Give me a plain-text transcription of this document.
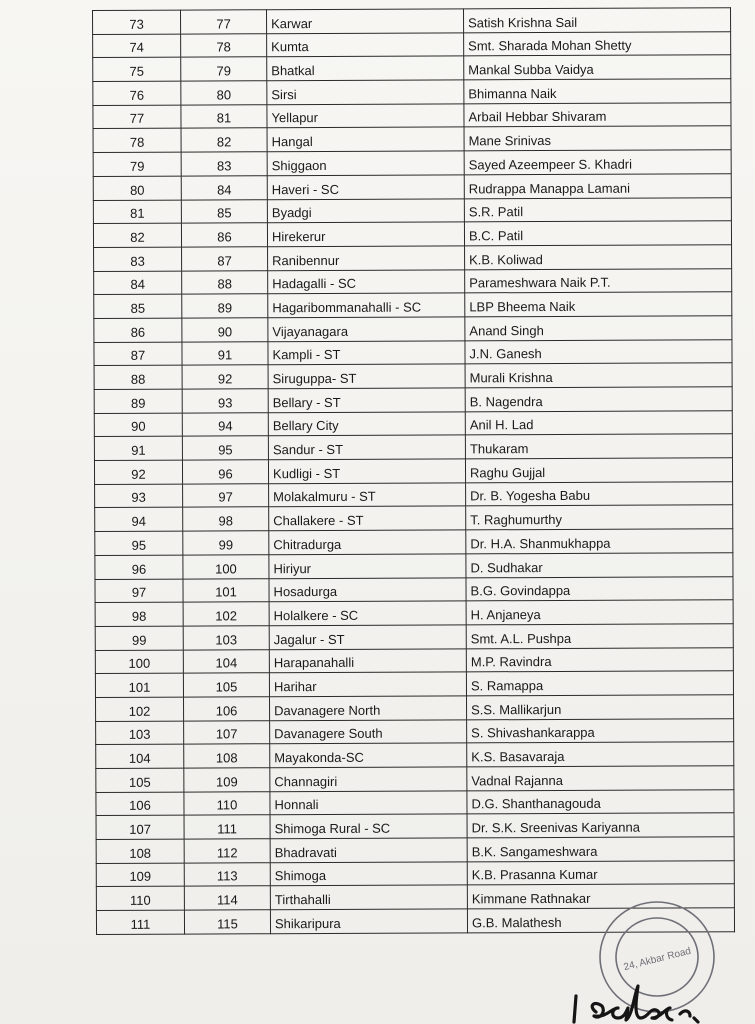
73	77	Karwar	Satish Krishna Sail
74	78	Kumta	Smt. Sharada Mohan Shetty
75	79	Bhatkal	Mankal Subba Vaidya
76	80	Sirsi	Bhimanna Naik
77	81	Yellapur	Arbail Hebbar Shivaram
78	82	Hangal	Mane Srinivas
79	83	Shiggaon	Sayed Azeempeer S. Khadri
80	84	Haveri - SC	Rudrappa Manappa Lamani
81	85	Byadgi	S.R. Patil
82	86	Hirekerur	B.C. Patil
83	87	Ranibennur	K.B. Koliwad
84	88	Hadagalli - SC	Parameshwara Naik P.T.
85	89	Hagaribommanahalli - SC	LBP Bheema Naik
86	90	Vijayanagara	Anand Singh
87	91	Kampli - ST	J.N. Ganesh
88	92	Siruguppa- ST	Murali Krishna
89	93	Bellary - ST	B. Nagendra
90	94	Bellary City	Anil H. Lad
91	95	Sandur - ST	Thukaram
92	96	Kudligi - ST	Raghu Gujjal
93	97	Molakalmuru - ST	Dr. B. Yogesha Babu
94	98	Challakere - ST	T. Raghumurthy
95	99	Chitradurga	Dr. H.A. Shanmukhappa
96	100	Hiriyur	D. Sudhakar
97	101	Hosadurga	B.G. Govindappa
98	102	Holalkere - SC	H. Anjaneya
99	103	Jagalur - ST	Smt. A.L. Pushpa
100	104	Harapanahalli	M.P. Ravindra
101	105	Harihar	S. Ramappa
102	106	Davanagere North	S.S. Mallikarjun
103	107	Davanagere South	S. Shivashankarappa
104	108	Mayakonda-SC	K.S. Basavaraja
105	109	Channagiri	Vadnal Rajanna
106	110	Honnali	D.G. Shanthanagouda
107	111	Shimoga Rural - SC	Dr. S.K. Sreenivas Kariyanna
108	112	Bhadravati	B.K. Sangameshwara
109	113	Shimoga	K.B. Prasanna Kumar
110	114	Tirthahalli	Kimmane Rathnakar
111	115	Shikaripura	G.B. Malathesh
24, Akbar Road
